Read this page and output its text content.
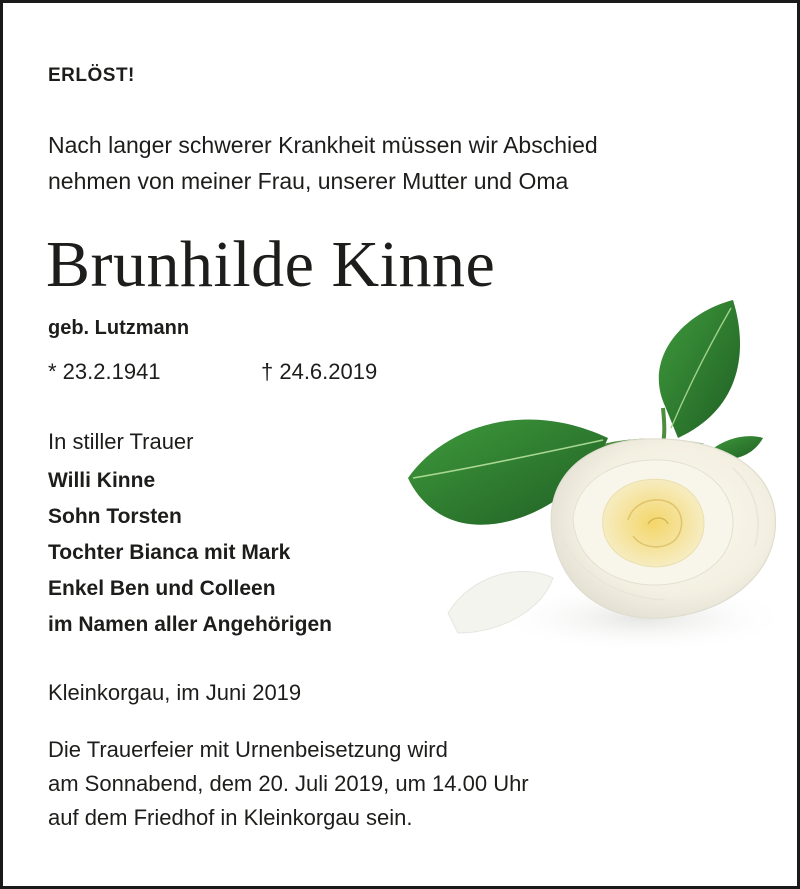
ERLÖST!
Nach langer schwerer Krankheit müssen wir Abschied
nehmen von meiner Frau, unserer Mutter und Oma
Brunhilde Kinne
geb. Lutzmann
* 23.2.1941	† 24.6.2019
In stiller Trauer
Willi Kinne
Sohn Torsten
Tochter Bianca mit Mark
Enkel Ben und Colleen
im Namen aller Angehörigen
Kleinkorgau, im Juni 2019
Die Trauerfeier mit Urnenbeisetzung wird
am Sonnabend, dem 20. Juli 2019, um 14.00 Uhr
auf dem Friedhof in Kleinkorgau sein.
